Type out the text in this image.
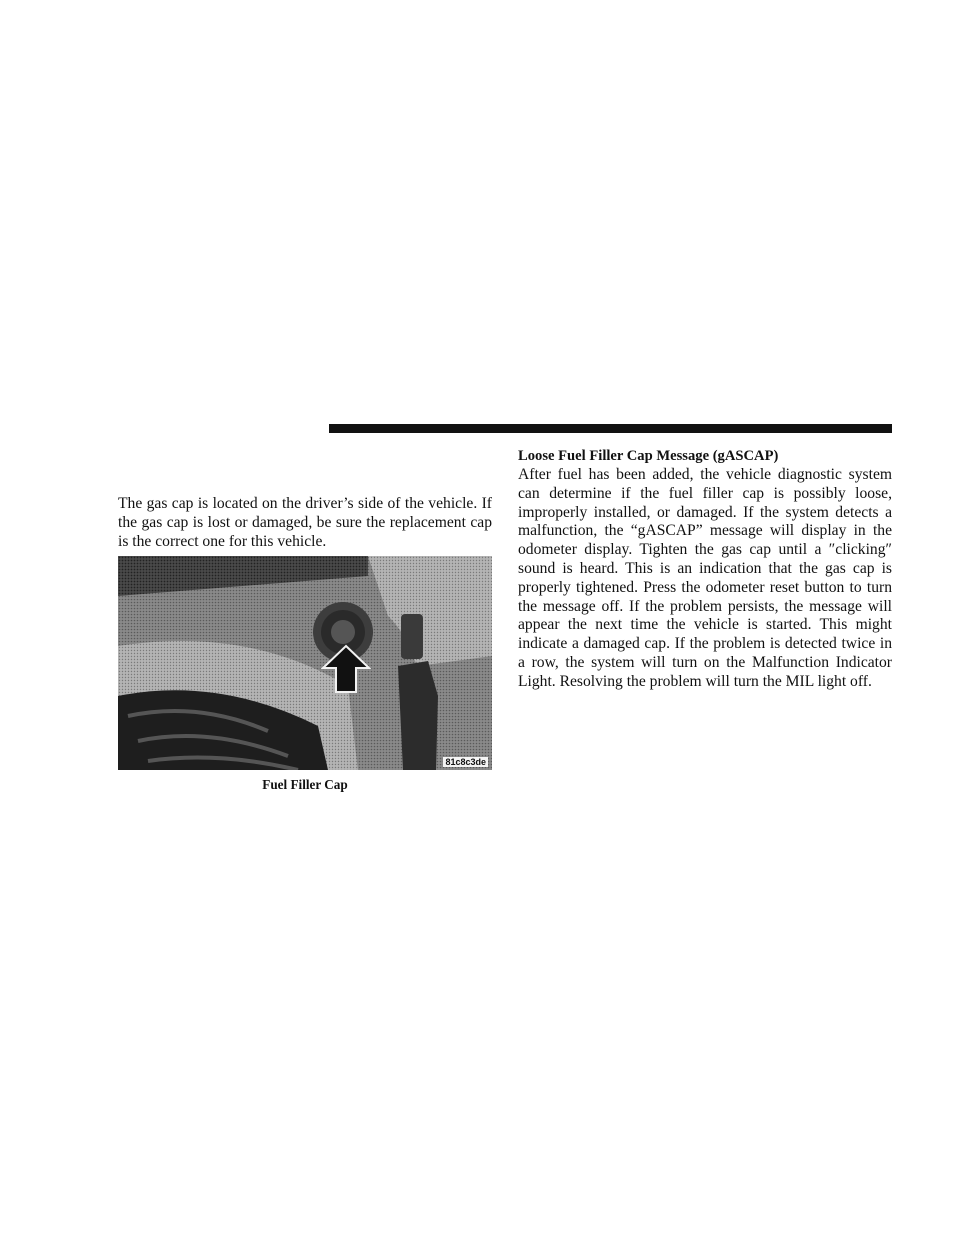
The gas cap is located on the driver’s side of the vehicle. If the gas cap is lost or damaged, be sure the replacement cap is the correct one for this vehicle.

81c8c3de
Fuel Filler Cap
Loose Fuel Filler Cap Message (gASCAP)

After fuel has been added, the vehicle diagnostic system can determine if the fuel filler cap is possibly loose, improperly installed, or damaged. If the system detects a malfunction, the “gASCAP” message will display in the odometer display. Tighten the gas cap until a ″clicking″ sound is heard. This is an indication that the gas cap is properly tightened. Press the odometer reset button to turn the message off. If the problem persists, the message will appear the next time the vehicle is started. This might indicate a damaged cap. If the problem is detected twice in a row, the system will turn on the Malfunction Indicator Light. Resolving the problem will turn the MIL light off.
